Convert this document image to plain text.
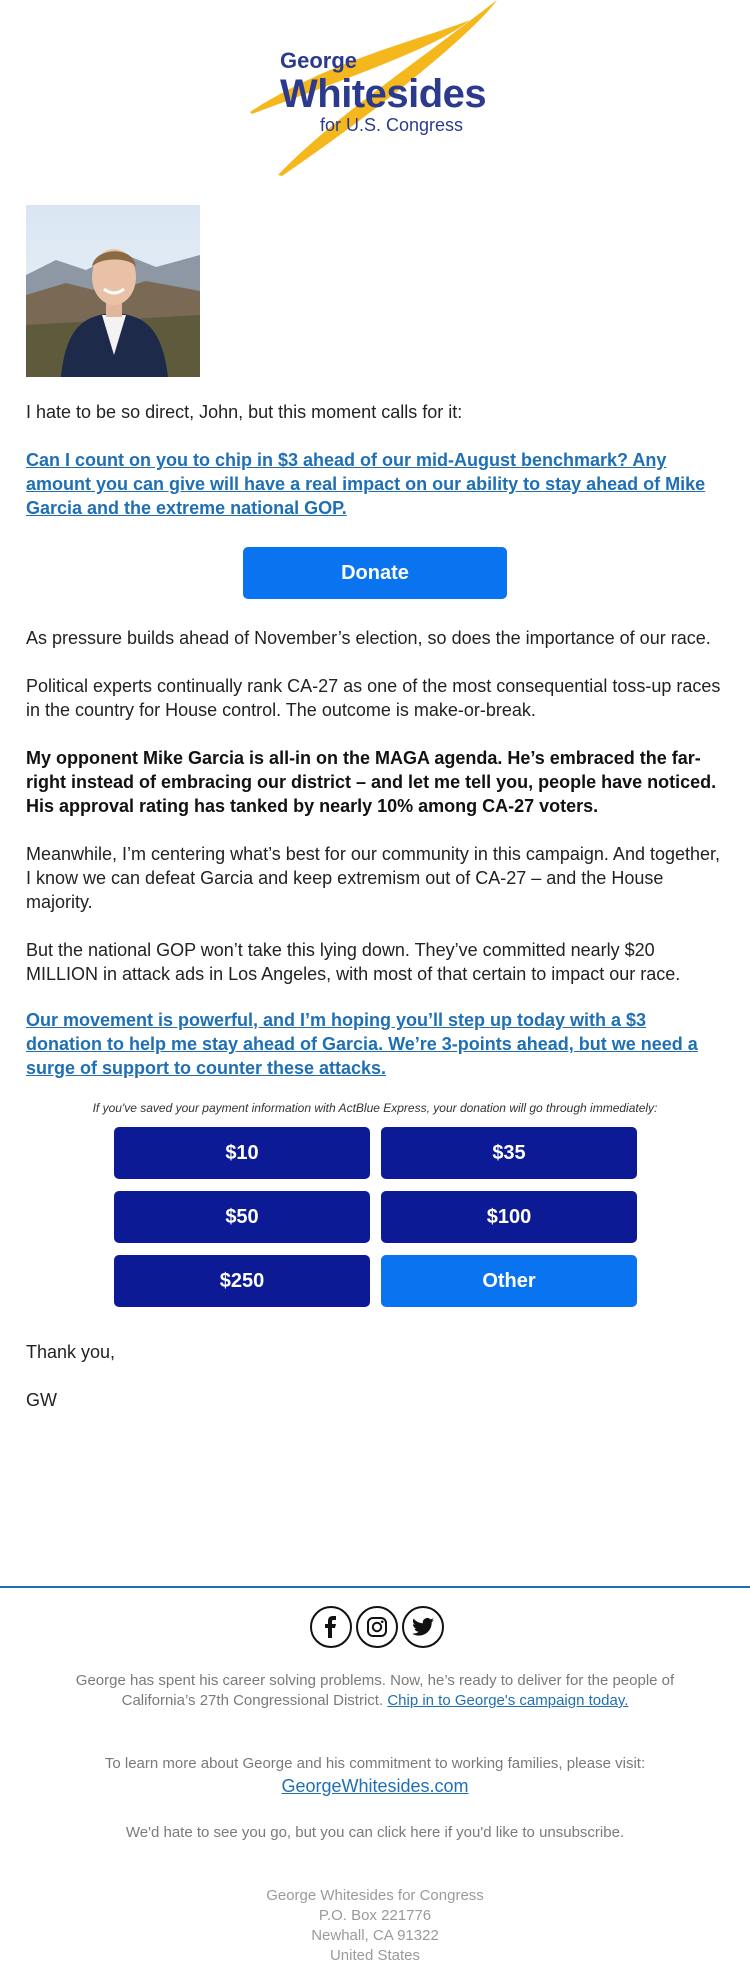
George
Whitesides
for U.S. Congress

I hate to be so direct, John, but this moment calls for it:

Can I count on you to chip in $3 ahead of our mid-August benchmark? Any amount you can give will have a real impact on our ability to stay ahead of Mike Garcia and the extreme national GOP.

Donate

As pressure builds ahead of November’s election, so does the importance of our race.

Political experts continually rank CA-27 as one of the most consequential toss-up races in the country for House control. The outcome is make-or-break.

My opponent Mike Garcia is all-in on the MAGA agenda. He’s embraced the far-right instead of embracing our district – and let me tell you, people have noticed. His approval rating has tanked by nearly 10% among CA-27 voters.

Meanwhile, I’m centering what’s best for our community in this campaign. And together, I know we can defeat Garcia and keep extremism out of CA-27 – and the House majority.

But the national GOP won’t take this lying down. They’ve committed nearly $20 MILLION in attack ads in Los Angeles, with most of that certain to impact our race.

Our movement is powerful, and I’m hoping you’ll step up today with a $3 donation to help me stay ahead of Garcia. We’re 3-points ahead, but we need a surge of support to counter these attacks.

If you've saved your payment information with ActBlue Express, your donation will go through immediately:
$10	$35
$50	$100
$250	Other

Thank you,

GW

George has spent his career solving problems. Now, he’s ready to deliver for the people of California’s 27th Congressional District. Chip in to George's campaign today.
To learn more about George and his commitment to working families, please visit:
GeorgeWhitesides.com
We'd hate to see you go, but you can click here if you'd like to unsubscribe.
George Whitesides for Congress
P.O. Box 221776
Newhall, CA 91322
United States
